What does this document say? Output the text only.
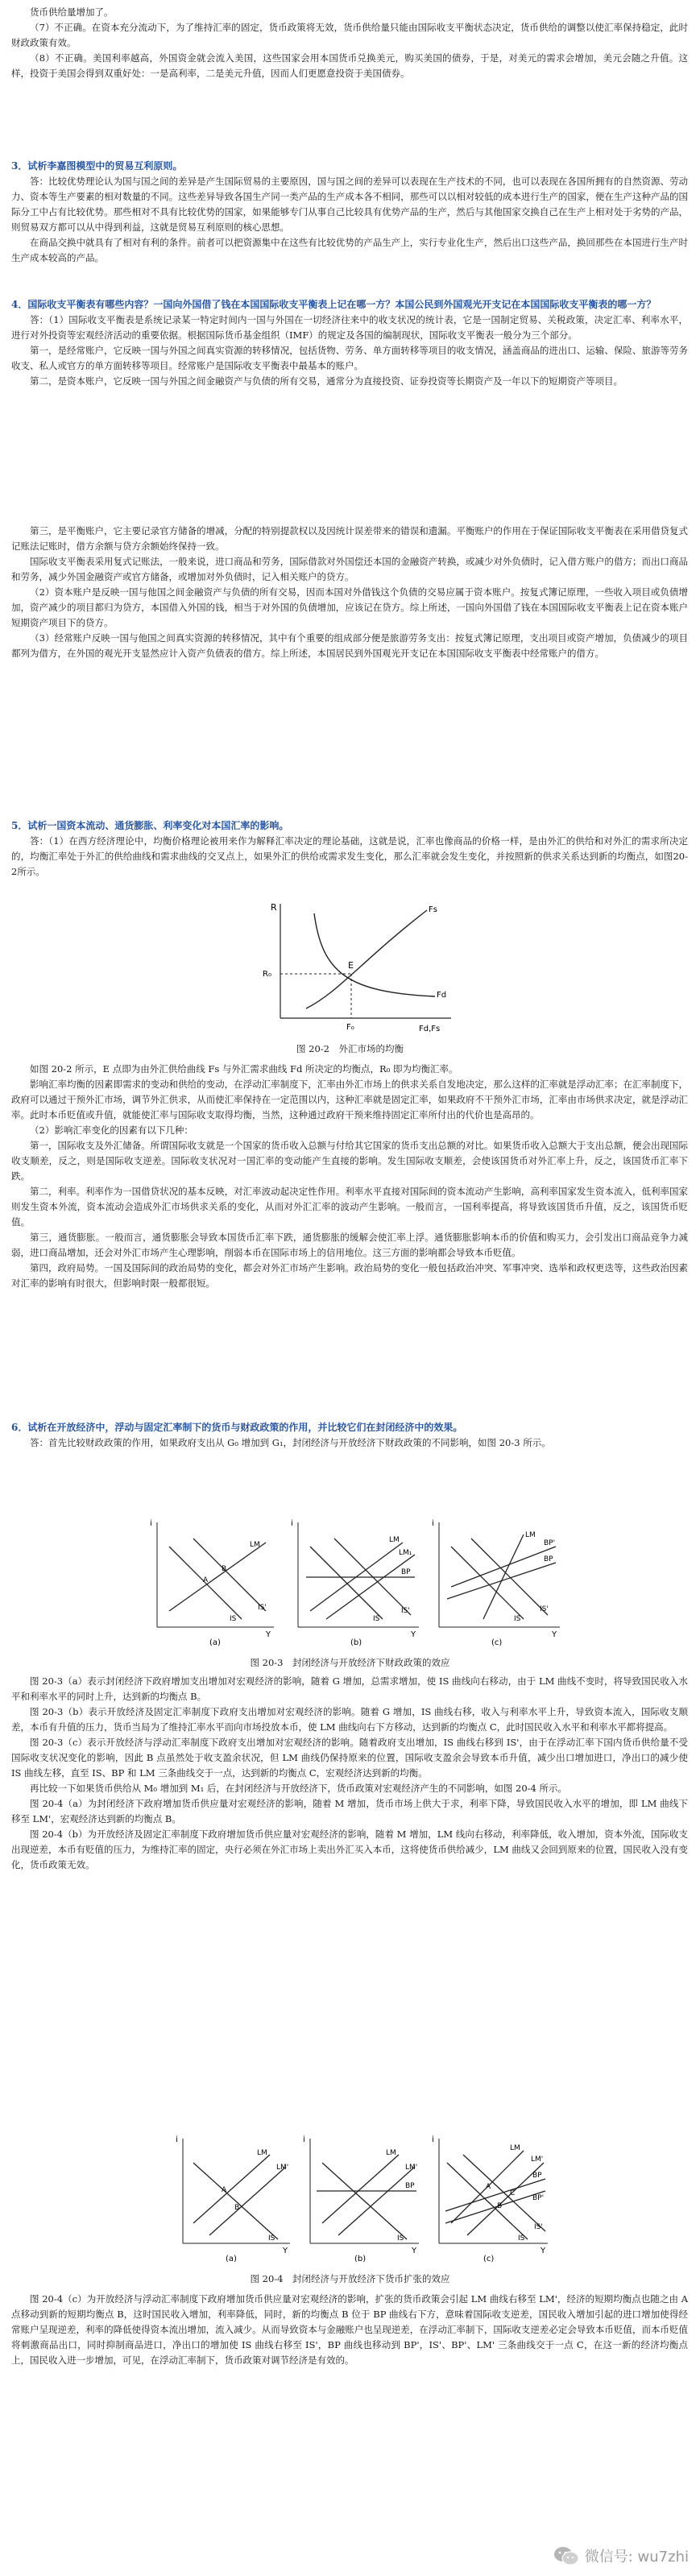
货币供给量增加了。

（7）不正确。在资本充分流动下，为了维持汇率的固定，货币政策将无效，货币供给量只能由国际收支平衡状态决定，货币供给的调整以使汇率保持稳定，此时财政政策有效。

（8）不正确。美国利率越高，外国资金就会流入美国，这些国家会用本国货币兑换美元，购买美国的债券，于是，对美元的需求会增加，美元会随之升值。这样，投资于美国会得到双重好处：一是高利率，二是美元升值，因而人们更愿意投资于美国债券。

3．试析李嘉图模型中的贸易互利原则。

答：比较优势理论认为国与国之间的差异是产生国际贸易的主要原因，国与国之间的差异可以表现在生产技术的不同，也可以表现在各国所拥有的自然资源、劳动力、资本等生产要素的相对数量的不同。这些差异导致各国生产同一类产品的生产成本各不相同，那些可以以相对较低的成本进行生产的国家，便在生产这种产品的国际分工中占有比较优势。那些相对不具有比较优势的国家，如果能够专门从事自己比较具有优势产品的生产，然后与其他国家交换自己在生产上相对处于劣势的产品，则贸易双方都可以从中得到利益，这就是贸易互利原则的核心思想。

在商品交换中就具有了相对有利的条件。前者可以把资源集中在这些有比较优势的产品生产上，实行专业化生产，然后出口这些产品，换回那些在本国进行生产时生产成本较高的产品。

4．国际收支平衡表有哪些内容？一国向外国借了钱在本国国际收支平衡表上记在哪一方？本国公民到外国观光开支记在本国国际收支平衡表的哪一方？

答：（1）国际收支平衡表是系统记录某一特定时间内一国与外国在一切经济往来中的收支状况的统计表，它是一国制定贸易、关税政策，决定汇率、利率水平，进行对外投资等宏观经济活动的重要依据。根据国际货币基金组织（IMF）的规定及各国的编制现状，国际收支平衡表一般分为三个部分。

第一，是经常账户，它反映一国与外国之间真实资源的转移情况，包括货物、劳务、单方面转移等项目的收支情况，涵盖商品的进出口、运输、保险、旅游等劳务收支、私人或官方的单方面转移等项目。经常账户是国际收支平衡表中最基本的账户。

第二，是资本账户，它反映一国与外国之间金融资产与负债的所有交易，通常分为直接投资、证券投资等长期资产及一年以下的短期资产等项目。

第三，是平衡账户，它主要记录官方储备的增减，分配的特别提款权以及因统计误差带来的错误和遗漏。平衡账户的作用在于保证国际收支平衡表在采用借贷复式记账法记账时，借方余额与贷方余额始终保持一致。

国际收支平衡表采用复式记账法，一般来说，进口商品和劳务，国际借款对外国偿还本国的金融资产转换，或减少对外负债时，记入借方账户的借方；而出口商品和劳务，减少外国金融资产或官方储备，或增加对外负债时，记入相关账户的贷方。

（2）资本账户是反映一国与他国之间金融资产与负债的所有交易，因而本国对外借钱这个负债的交易应属于资本账户。按复式簿记原理，一些收入项目或负债增加，资产减少的项目都归为贷方，本国借入外国的钱，相当于对外国的负债增加，应该记在贷方。综上所述，一国向外国借了钱在本国国际收支平衡表上记在资本账户短期资产项目下的贷方。

（3）经常账户反映一国与他国之间真实资源的转移情况，其中有个重要的组成部分便是旅游劳务支出：按复式簿记原理，支出项目或资产增加，负债减少的项目都列为借方，在外国的观光开支显然应计入资产负债表的借方。综上所述，本国居民到外国观光开支记在本国国际收支平衡表中经常账户的借方。

5．试析一国资本流动、通货膨胀、利率变化对本国汇率的影响。

答：（1）在西方经济理论中，均衡价格理论被用来作为解释汇率决定的理论基础，这就是说，汇率也像商品的价格一样，是由外汇的供给和对外汇的需求所决定的，均衡汇率处于外汇的供给曲线和需求曲线的交叉点上，如果外汇的供给或需求发生变化，那么汇率就会发生变化，并按照新的供求关系达到新的均衡点，如图20-2所示。

R
R₀
E
Fs
Fd
F₀	Fd,Fs

图 20-2　外汇市场的均衡

如图 20-2 所示，E 点即为由外汇供给曲线 Fs 与外汇需求曲线 Fd 所决定的均衡点，R₀ 即为均衡汇率。

影响汇率均衡的因素即需求的变动和供给的变动，在浮动汇率制度下，汇率由外汇市场上的供求关系自发地决定，那么这样的汇率就是浮动汇率；在汇率制度下，政府可以通过干预外汇市场，调节外汇供求，从而使汇率保持在一定范围以内，这种汇率就是固定汇率，如果政府不干预外汇市场，汇率由市场供求决定，就是浮动汇率。此时本币贬值或升值，就能使汇率与国际收支取得均衡，当然，这种通过政府干预来维持固定汇率所付出的代价也是高昂的。

（2）影响汇率变化的因素有以下几种：

第一，国际收支及外汇储备。所谓国际收支就是一个国家的货币收入总额与付给其它国家的货币支出总额的对比。如果货币收入总额大于支出总额，便会出现国际收支顺差，反之，则是国际收支逆差。国际收支状况对一国汇率的变动能产生直接的影响。发生国际收支顺差，会使该国货币对外汇率上升，反之，该国货币汇率下跌。

第二，利率。利率作为一国借贷状况的基本反映，对汇率波动起决定性作用。利率水平直接对国际间的资本流动产生影响，高利率国家发生资本流入，低利率国家则发生资本外流，资本流动会造成外汇市场供求关系的变化，从而对外汇汇率的波动产生影响。一般而言，一国利率提高，将导致该国货币升值，反之，该国货币贬值。

第三，通货膨胀。一般而言，通货膨胀会导致本国货币汇率下跌，通货膨胀的缓解会使汇率上浮。通货膨胀影响本币的价值和购买力，会引发出口商品竞争力减弱，进口商品增加，还会对外汇市场产生心理影响，削弱本币在国际市场上的信用地位。这三方面的影响都会导致本币贬值。

第四，政府局势。一国及国际间的政治局势的变化，都会对外汇市场产生影响。政治局势的变化一般包括政治冲突、军事冲突、选举和政权更迭等，这些政治因素对汇率的影响有时很大，但影响时限一般都很短。

6．试析在开放经济中，浮动与固定汇率制下的货币与财政政策的作用，并比较它们在封闭经济中的效果。

答：首先比较财政政策的作用，如果政府支出从 G₀ 增加到 G₁，封闭经济与开放经济下财政政策的不同影响，如图 20-3 所示。

i
Y
LM
IS
IS'
A
B
(a)
i
Y
LM
LM₁
BP
IS
IS'
(b)
i
Y
LM
BP
BP'
IS
IS'
(c)

图 20-3　封闭经济与开放经济下财政政策的效应

图 20-3（a）表示封闭经济下政府增加支出增加对宏观经济的影响，随着 G 增加，总需求增加，使 IS 曲线向右移动，由于 LM 曲线不变时，将导致国民收入水平和利率水平的同时上升，达到新的均衡点 B。

图 20-3（b）表示开放经济及固定汇率制度下政府支出增加对宏观经济的影响。随着 G 增加，IS 曲线右移，收入与利率水平上升，导致资本流入，国际收支顺差，本币有升值的压力，货币当局为了维持汇率水平而向市场投放本币，使 LM 曲线向右下方移动，达到新的均衡点 C，此时国民收入水平和利率水平都将提高。

图 20-3（c）表示开放经济与浮动汇率制度下政府支出增加对宏观经济的影响。随着政府支出增加，IS 曲线右移到 IS'，由于在浮动汇率下国内货币供给量不受国际收支状况变化的影响，因此 B 点虽然处于收支盈余状况，但 LM 曲线仍保持原来的位置，国际收支盈余会导致本币升值，减少出口增加进口，净出口的减少使 IS 曲线左移，直至 IS、BP 和 LM 三条曲线交于一点，达到新的均衡点 C，宏观经济达到新的均衡。

再比较一下如果货币供给从 M₀ 增加到 M₁ 后，在封闭经济与开放经济下，货币政策对宏观经济产生的不同影响，如图 20-4 所示。

图 20-4（a）为封闭经济下政府增加货币供应量对宏观经济的影响，随着 M 增加，货币市场上供大于求，利率下降，导致国民收入水平的增加，即 LM 曲线下移至 LM'，宏观经济达到新的均衡点 B。

图 20-4（b）为开放经济及固定汇率制度下政府增加货币供应量对宏观经济的影响，随着 M 增加，LM 线向右移动，利率降低，收入增加，资本外流，国际收支出现逆差，本币有贬值的压力，为维持汇率的固定，央行必须在外汇市场上卖出外汇买入本币，这将使货币供给减少，LM 曲线又会回到原来的位置，国民收入没有变化，货币政策无效。

i
Y
LM
LM'
IS
A
B
(a)
i
Y
LM
LM'
BP
IS
(b)
i
Y
LM
LM'
BP
BP'
IS
IS'
A
B
C
(c)

图 20-4　封闭经济与开放经济下货币扩张的效应

图 20-4（c）为开放经济与浮动汇率制度下政府增加货币供应量对宏观经济的影响，扩张的货币政策会引起 LM 曲线右移至 LM'，经济的短期均衡点也随之由 A 点移动到新的短期均衡点 B，这时国民收入增加，利率降低，同时，新的均衡点 B 位于 BP 曲线右下方，意味着国际收支逆差，国民收入增加引起的进口增加使得经常账户呈现逆差，利率的降低使得资本流出增加，流入减少。从而导致资本与金融账户也呈现逆差，在浮动汇率制下，国际收支逆差必定会导致本币贬值，而本币贬值将刺激商品出口，同时抑制商品进口，净出口的增加使 IS 曲线右移至 IS'，BP 曲线也移动到 BP'，IS'、BP'、LM' 三条曲线交于一点 C，在这一新的经济均衡点上，国民收入进一步增加，可见，在浮动汇率制下，货币政策对调节经济是有效的。

微信号: wu7zhi
